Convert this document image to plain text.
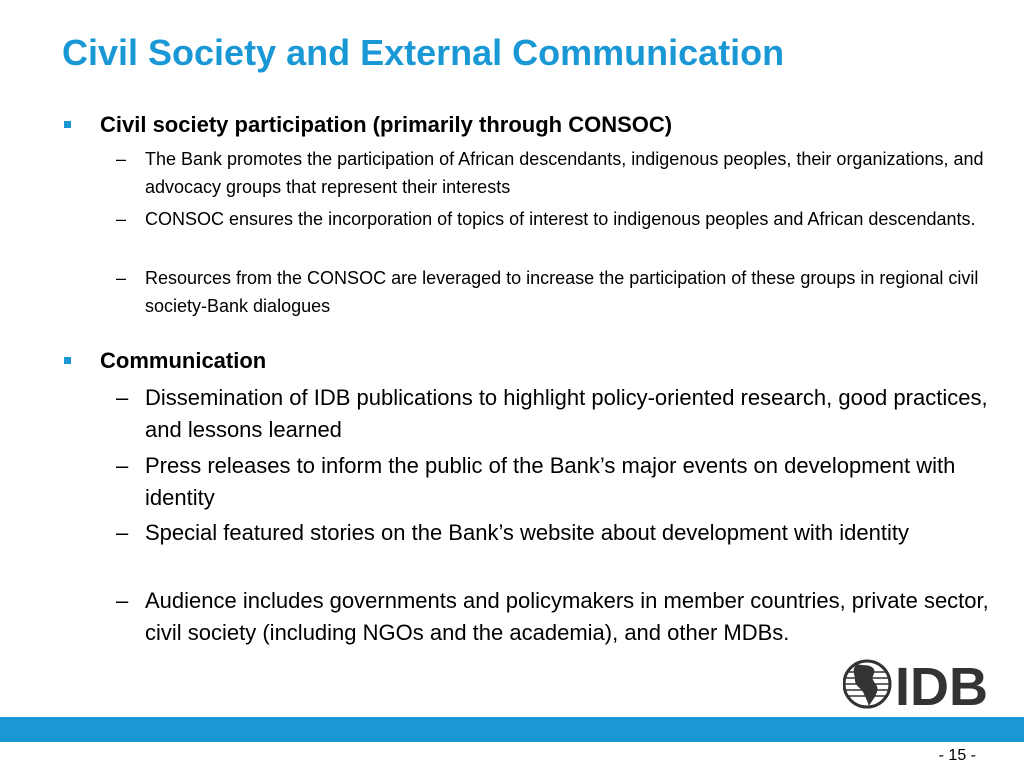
Civil Society and External Communication
Civil society participation (primarily through CONSOC)
– The Bank promotes the participation of African descendants, indigenous peoples, their organizations, and advocacy groups that represent their interests
– CONSOC ensures the incorporation of topics of interest to indigenous peoples and African descendants.
– Resources from the CONSOC are leveraged to increase the participation of these groups in regional civil society-Bank dialogues
Communication
– Dissemination of IDB publications to highlight policy-oriented research, good practices, and lessons learned
– Press releases to inform the public of the Bank’s major events on development with identity
– Special featured stories on the Bank’s website about development with identity
– Audience includes governments and policymakers in member countries, private sector, civil society (including NGOs and the academia), and other MDBs.
IDB
- 15 -
